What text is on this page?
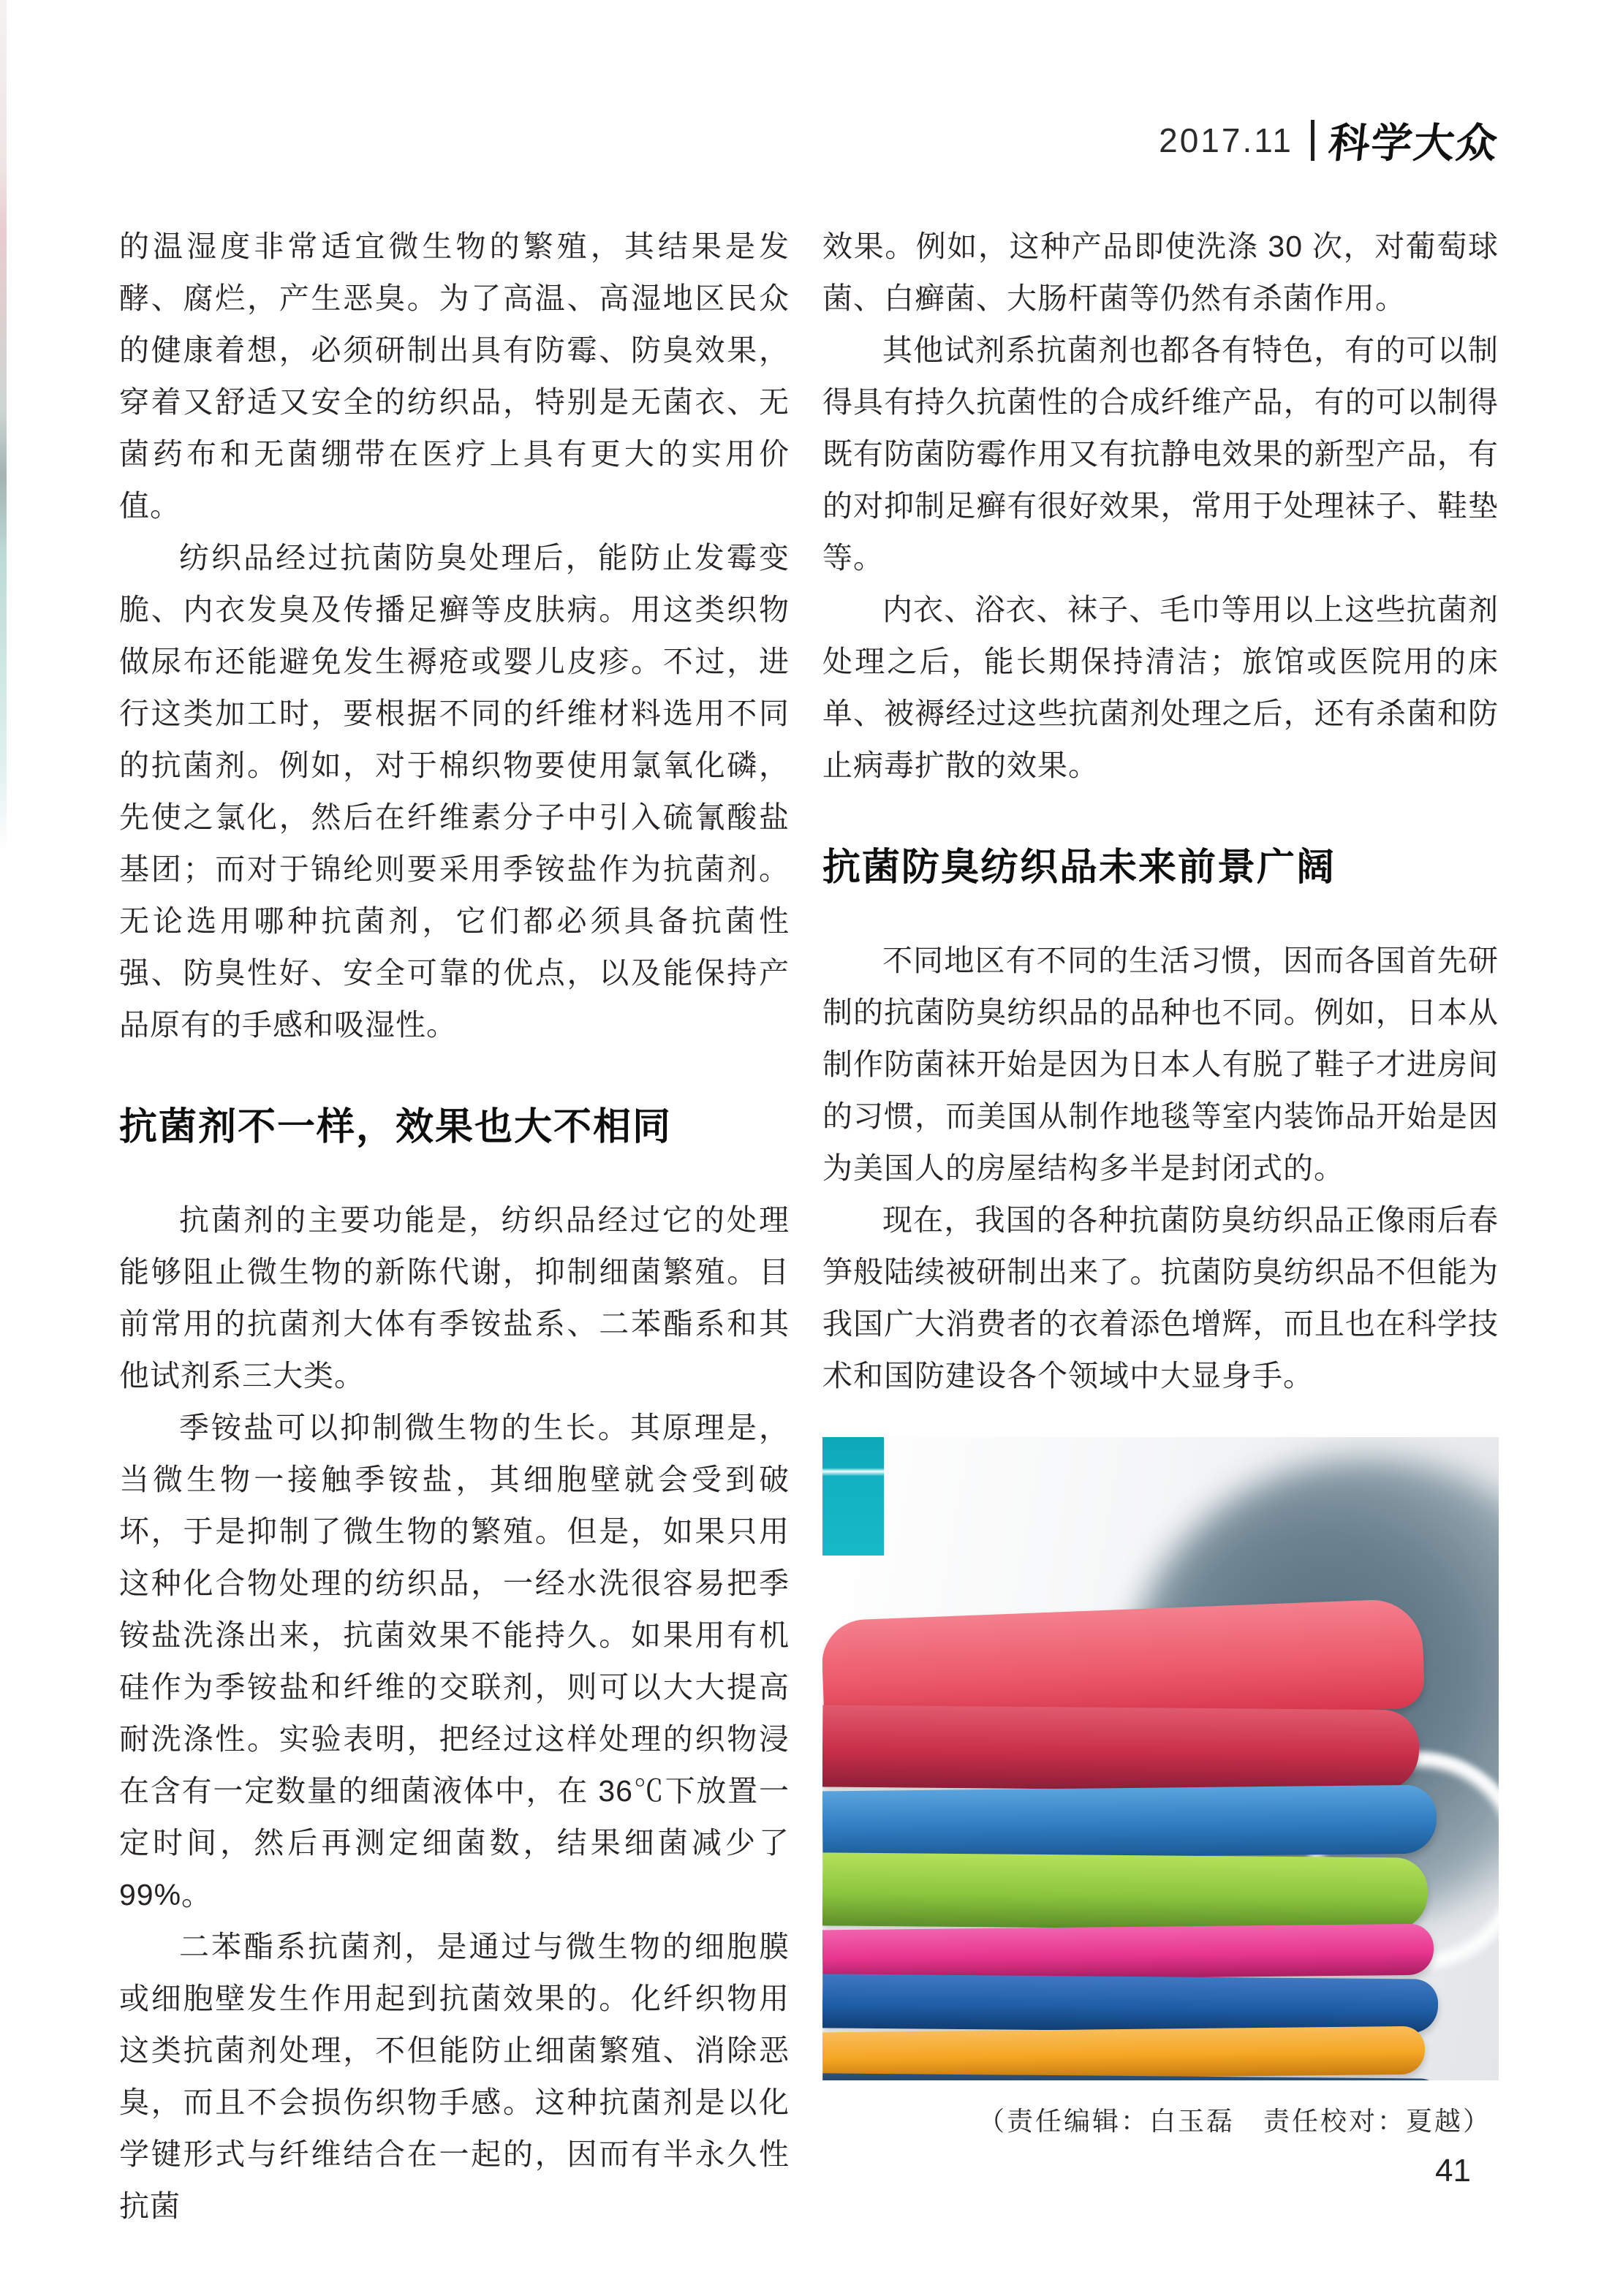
2017.11 科学大众

的温湿度非常适宜微生物的繁殖，其结果是发酵、腐烂，产生恶臭。为了高温、高湿地区民众的健康着想，必须研制出具有防霉、防臭效果，穿着又舒适又安全的纺织品，特别是无菌衣、无菌药布和无菌绷带在医疗上具有更大的实用价值。

纺织品经过抗菌防臭处理后，能防止发霉变脆、内衣发臭及传播足癣等皮肤病。用这类织物做尿布还能避免发生褥疮或婴儿皮疹。不过，进行这类加工时，要根据不同的纤维材料选用不同的抗菌剂。例如，对于棉织物要使用氯氧化磷，先使之氯化，然后在纤维素分子中引入硫氰酸盐基团；而对于锦纶则要采用季铵盐作为抗菌剂。无论选用哪种抗菌剂，它们都必须具备抗菌性强、防臭性好、安全可靠的优点，以及能保持产品原有的手感和吸湿性。

抗菌剂不一样，效果也大不相同

抗菌剂的主要功能是，纺织品经过它的处理能够阻止微生物的新陈代谢，抑制细菌繁殖。目前常用的抗菌剂大体有季铵盐系、二苯酯系和其他试剂系三大类。

季铵盐可以抑制微生物的生长。其原理是，当微生物一接触季铵盐，其细胞壁就会受到破坏，于是抑制了微生物的繁殖。但是，如果只用这种化合物处理的纺织品，一经水洗很容易把季铵盐洗涤出来，抗菌效果不能持久。如果用有机硅作为季铵盐和纤维的交联剂，则可以大大提高耐洗涤性。实验表明，把经过这样处理的织物浸在含有一定数量的细菌液体中，在 36℃下放置一定时间，然后再测定细菌数，结果细菌减少了 99%。

二苯酯系抗菌剂，是通过与微生物的细胞膜或细胞壁发生作用起到抗菌效果的。化纤织物用这类抗菌剂处理，不但能防止细菌繁殖、消除恶臭，而且不会损伤织物手感。这种抗菌剂是以化学键形式与纤维结合在一起的，因而有半永久性抗菌

效果。例如，这种产品即使洗涤 30 次，对葡萄球菌、白癣菌、大肠杆菌等仍然有杀菌作用。

其他试剂系抗菌剂也都各有特色，有的可以制得具有持久抗菌性的合成纤维产品，有的可以制得既有防菌防霉作用又有抗静电效果的新型产品，有的对抑制足癣有很好效果，常用于处理袜子、鞋垫等。

内衣、浴衣、袜子、毛巾等用以上这些抗菌剂处理之后，能长期保持清洁；旅馆或医院用的床单、被褥经过这些抗菌剂处理之后，还有杀菌和防止病毒扩散的效果。

抗菌防臭纺织品未来前景广阔

不同地区有不同的生活习惯，因而各国首先研制的抗菌防臭纺织品的品种也不同。例如，日本从制作防菌袜开始是因为日本人有脱了鞋子才进房间的习惯，而美国从制作地毯等室内装饰品开始是因为美国人的房屋结构多半是封闭式的。

现在，我国的各种抗菌防臭纺织品正像雨后春笋般陆续被研制出来了。抗菌防臭纺织品不但能为我国广大消费者的衣着添色增辉，而且也在科学技术和国防建设各个领域中大显身手。

（责任编辑：白玉磊　责任校对：夏越）
41
